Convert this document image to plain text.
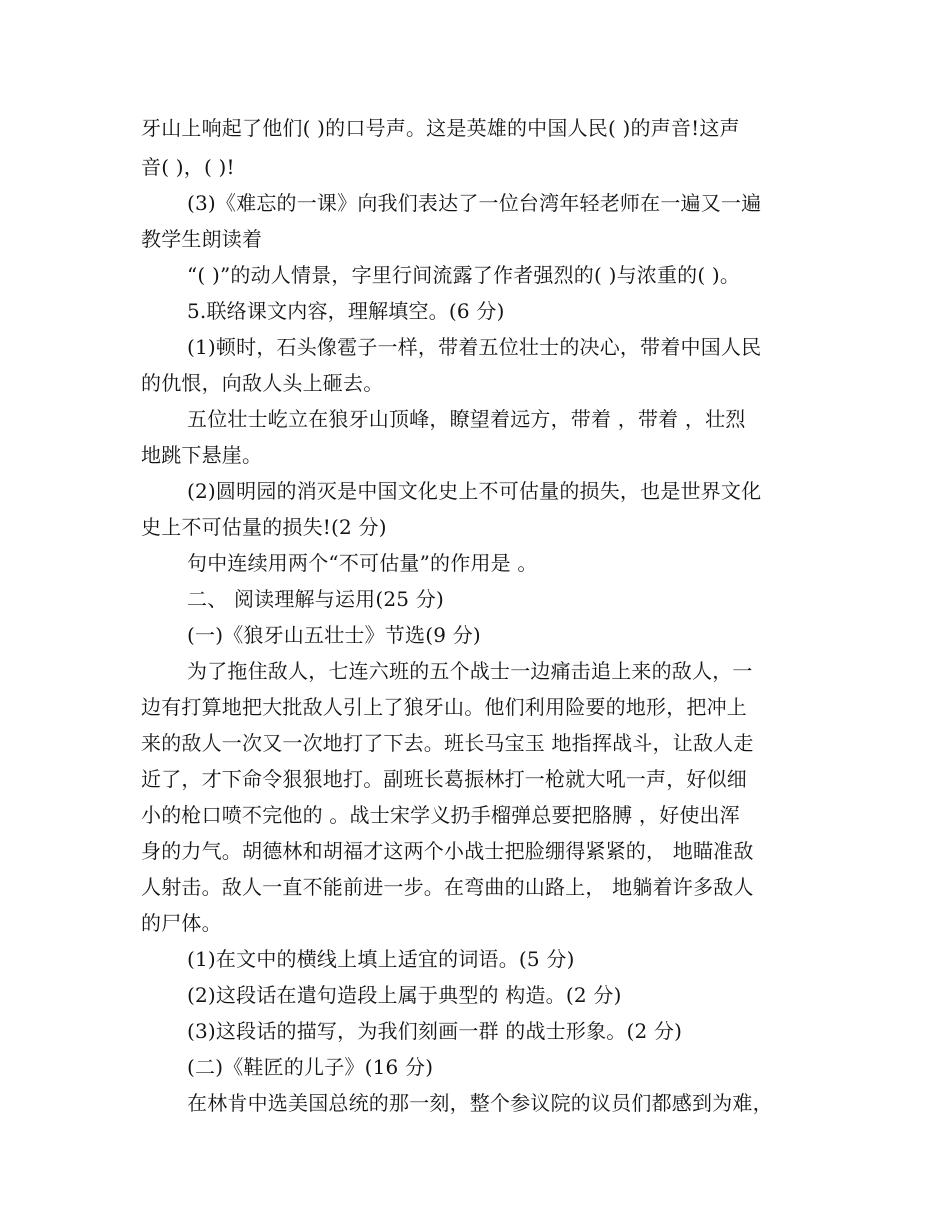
牙山上响起了他们( )的口号声。这是英雄的中国人民( )的声音!这声
音( )，( )!
(3)《难忘的一课》向我们表达了一位台湾年轻老师在一遍又一遍
教学生朗读着
“( )”的动人情景，字里行间流露了作者强烈的( )与浓重的( )。
5.联络课文内容，理解填空。(6 分)
(1)顿时，石头像雹子一样，带着五位壮士的决心，带着中国人民
的仇恨，向敌人头上砸去。
五位壮士屹立在狼牙山顶峰，瞭望着远方，带着 ，带着 ，壮烈
地跳下悬崖。
(2)圆明园的消灭是中国文化史上不可估量的损失，也是世界文化
史上不可估量的损失!(2 分)
句中连续用两个“不可估量”的作用是 。
二、 阅读理解与运用(25 分)
(一)《狼牙山五壮士》节选(9 分)
为了拖住敌人，七连六班的五个战士一边痛击追上来的敌人，一
边有打算地把大批敌人引上了狼牙山。他们利用险要的地形，把冲上
来的敌人一次又一次地打了下去。班长马宝玉 地指挥战斗，让敌人走
近了，才下命令狠狠地打。副班长葛振林打一枪就大吼一声，好似细
小的枪口喷不完他的 。战士宋学义扔手榴弹总要把胳膊 ，好使出浑
身的力气。胡德林和胡福才这两个小战士把脸绷得紧紧的， 地瞄准敌
人射击。敌人一直不能前进一步。在弯曲的山路上， 地躺着许多敌人
的尸体。
(1)在文中的横线上填上适宜的词语。(5 分)
(2)这段话在遣句造段上属于典型的 构造。(2 分)
(3)这段话的描写，为我们刻画一群 的战士形象。(2 分)
(二)《鞋匠的儿子》(16 分)
在林肯中选美国总统的那一刻，整个参议院的议员们都感到为难，
